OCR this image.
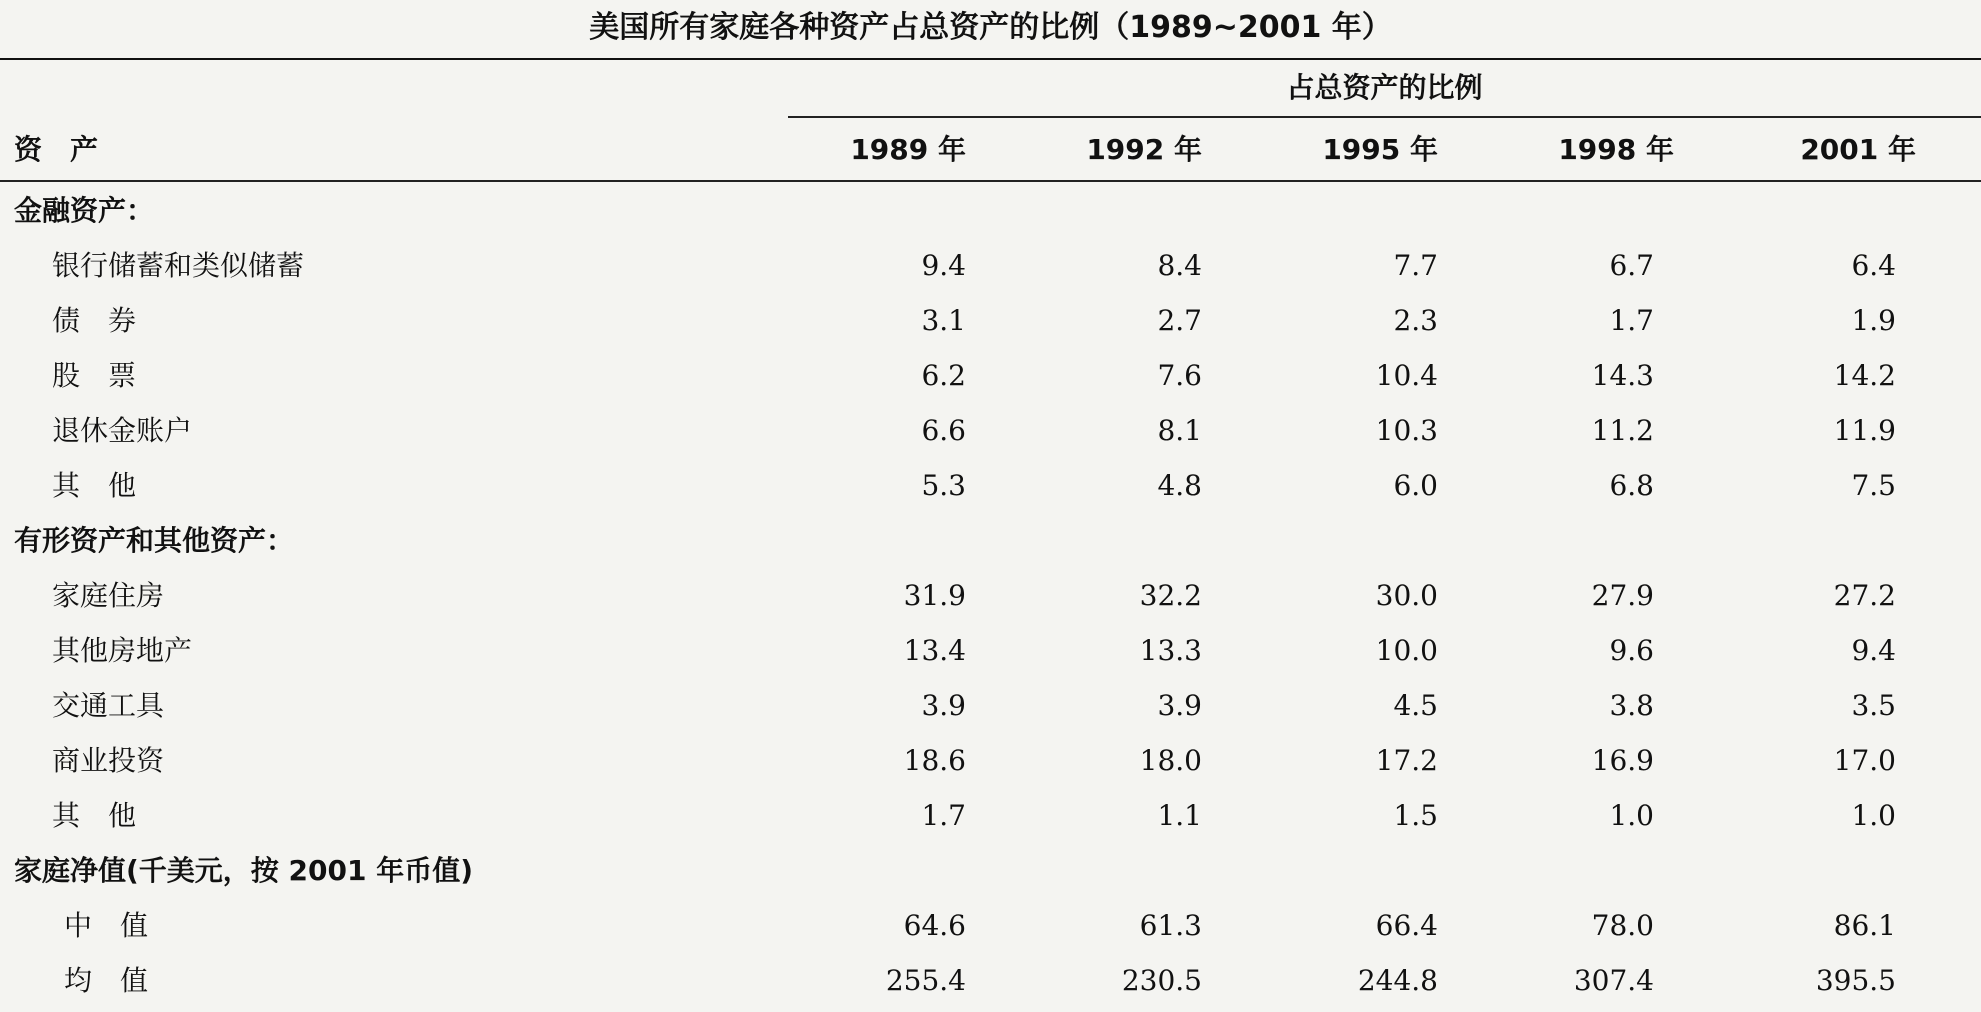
美国所有家庭各种资产占总资产的比例（1989~2001 年）
占总资产的比例
资　产	1989 年	1992 年	1995 年	1998 年	2001 年
金融资产：
银行储蓄和类似储蓄	9.4	8.4	7.7	6.7	6.4
债　券	3.1	2.7	2.3	1.7	1.9
股　票	6.2	7.6	10.4	14.3	14.2
退休金账户	6.6	8.1	10.3	11.2	11.9
其　他	5.3	4.8	6.0	6.8	7.5
有形资产和其他资产：
家庭住房	31.9	32.2	30.0	27.9	27.2
其他房地产	13.4	13.3	10.0	9.6	9.4
交通工具	3.9	3.9	4.5	3.8	3.5
商业投资	18.6	18.0	17.2	16.9	17.0
其　他	1.7	1.1	1.5	1.0	1.0
家庭净值(千美元，按 2001 年币值)
中　值	64.6	61.3	66.4	78.0	86.1
均　值	255.4	230.5	244.8	307.4	395.5
